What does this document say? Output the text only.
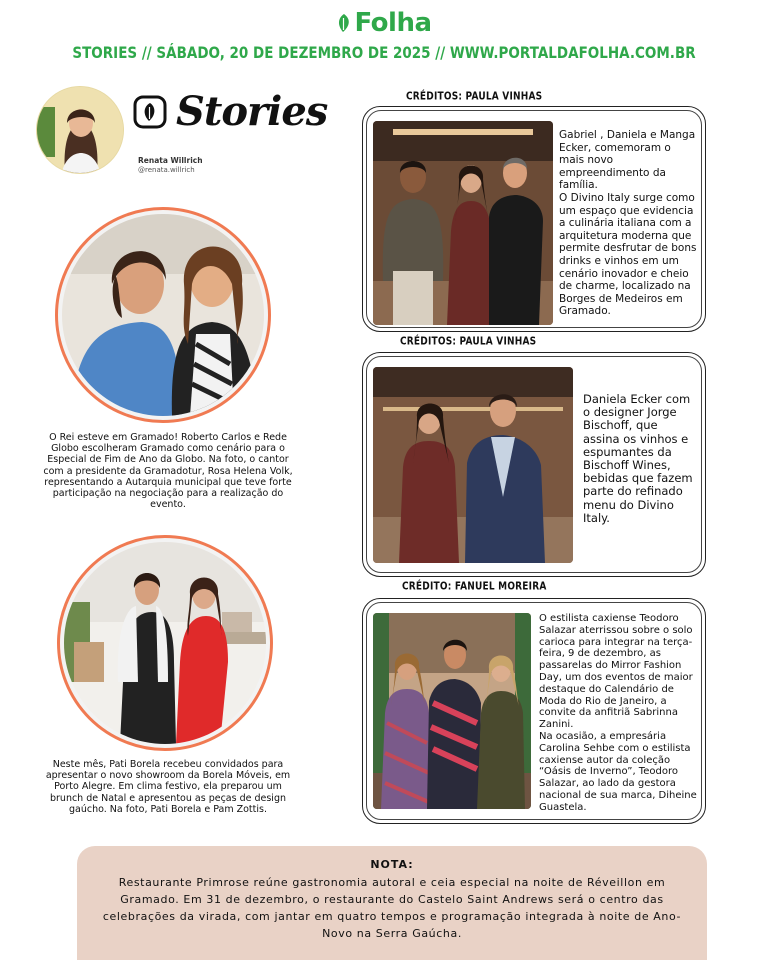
Folha
STORIES // SÁBADO, 20 DE DEZEMBRO DE 2025 // WWW.PORTALDAFOLHA.COM.BR
Stories
Renata Willrich
@renata.willrich
O Rei esteve em Gramado! Roberto Carlos e Rede Globo escolheram Gramado como cenário para o Especial de Fim de Ano da Globo. Na foto, o cantor com a presidente da Gramadotur, Rosa Helena Volk, representando a Autarquia municipal que teve forte participação na negociação para a realização do evento.
Neste mês, Pati Borela recebeu convidados para apresentar o novo showroom da Borela Móveis, em Porto Alegre. Em clima festivo, ela preparou um brunch de Natal e apresentou as peças de design gaúcho. Na foto, Pati Borela e Pam Zottis.
CRÉDITOS: PAULA VINHAS
Gabriel , Daniela e Manga Ecker, comemoram o mais novo empreendimento da família.
O Divino Italy surge como um espaço que evidencia a culinária italiana com a arquitetura moderna que permite desfrutar de bons drinks e vinhos em um cenário inovador e cheio de charme, localizado na Borges de Medeiros em Gramado.
CRÉDITOS: PAULA VINHAS
Daniela Ecker com o designer Jorge Bischoff, que assina os vinhos e espumantes da Bischoff Wines, bebidas que fazem parte do refinado menu do Divino Italy.
CRÉDITO: FANUEL MOREIRA
O estilista caxiense Teodoro Salazar aterrissou sobre o solo carioca para integrar na terça-feira, 9 de dezembro, as passarelas do Mirror Fashion Day, um dos eventos de maior destaque do Calendário de Moda do Rio de Janeiro, a convite da anfitriã Sabrinna Zanini.
Na ocasião, a empresária Carolina Sehbe com o estilista caxiense autor da coleção “Oásis de Inverno”, Teodoro Salazar, ao lado da gestora nacional de sua marca, Diheine Guastela.
NOTA:
Restaurante Primrose reúne gastronomia autoral e ceia especial na noite de Réveillon em Gramado. Em 31 de dezembro, o restaurante do Castelo Saint Andrews será o centro das celebrações da virada, com jantar em quatro tempos e programação integrada à noite de Ano-Novo na Serra Gaúcha.
